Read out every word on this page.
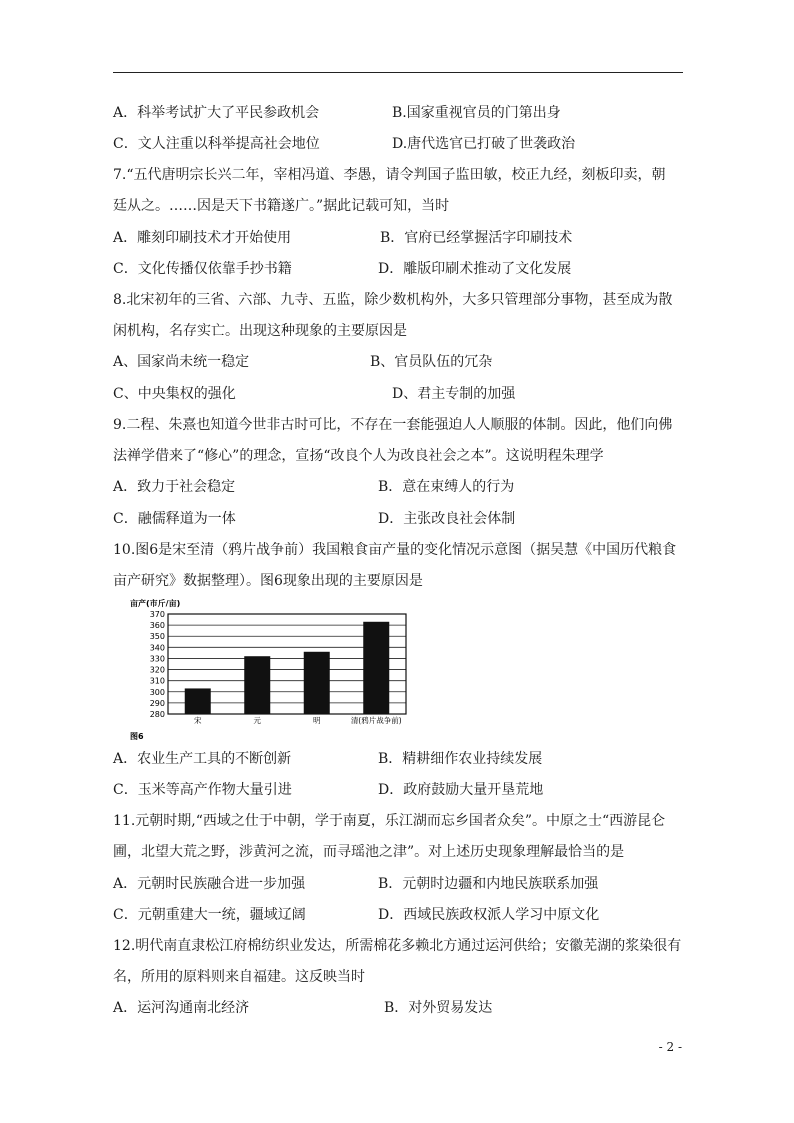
A．科举考试扩大了平民参政机会	B.国家重视官员的门第出身
C．文人注重以科举提高社会地位	D.唐代选官已打破了世袭政治
7.“五代唐明宗长兴二年，宰相冯道、李愚，请令判国子监田敏，校正九经，刻板印卖，朝
廷从之。……因是天下书籍遂广。”据此记载可知，当时
A．雕刻印刷技术才开始使用	B．官府已经掌握活字印刷技术
C．文化传播仅依靠手抄书籍	D．雕版印刷术推动了文化发展
8.北宋初年的三省、六部、九寺、五监，除少数机构外，大多只管理部分事物，甚至成为散
闲机构，名存实亡。出现这种现象的主要原因是
A、国家尚未统一稳定	B、官员队伍的冗杂
C、中央集权的强化	D、君主专制的加强
9.二程、朱熹也知道今世非古时可比，不存在一套能强迫人人顺服的体制。因此，他们向佛
法禅学借来了“修心”的理念，宣扬“改良个人为改良社会之本”。这说明程朱理学
A．致力于社会稳定	B．意在束缚人的行为
C．融儒释道为一体	D．主张改良社会体制
10.图6是宋至清（鸦片战争前）我国粮食亩产量的变化情况示意图（据吴慧《中国历代粮食
亩产研究》数据整理）。图6现象出现的主要原因是
亩产(市斤/亩)
280
290
300
310
320
330
340
350
360
370
宋	元	明	清(鸦片战争前)
图6
A．农业生产工具的不断创新	B．精耕细作农业持续发展
C．玉米等高产作物大量引进	D．政府鼓励大量开垦荒地
11.元朝时期,“西域之仕于中朝，学于南夏，乐江湖而忘乡国者众矣”。中原之士“西游昆仑
圃，北望大荒之野，涉黄河之流，而寻瑶池之津”。对上述历史现象理解最恰当的是
A．元朝时民族融合进一步加强	B．元朝时边疆和内地民族联系加强
C．元朝重建大一统，疆域辽阔	D．西域民族政权派人学习中原文化
12.明代南直隶松江府棉纺织业发达，所需棉花多赖北方通过运河供给；安徽芜湖的浆染很有
名，所用的原料则来自福建。这反映当时
A．运河沟通南北经济	B．对外贸易发达
- 2 -
